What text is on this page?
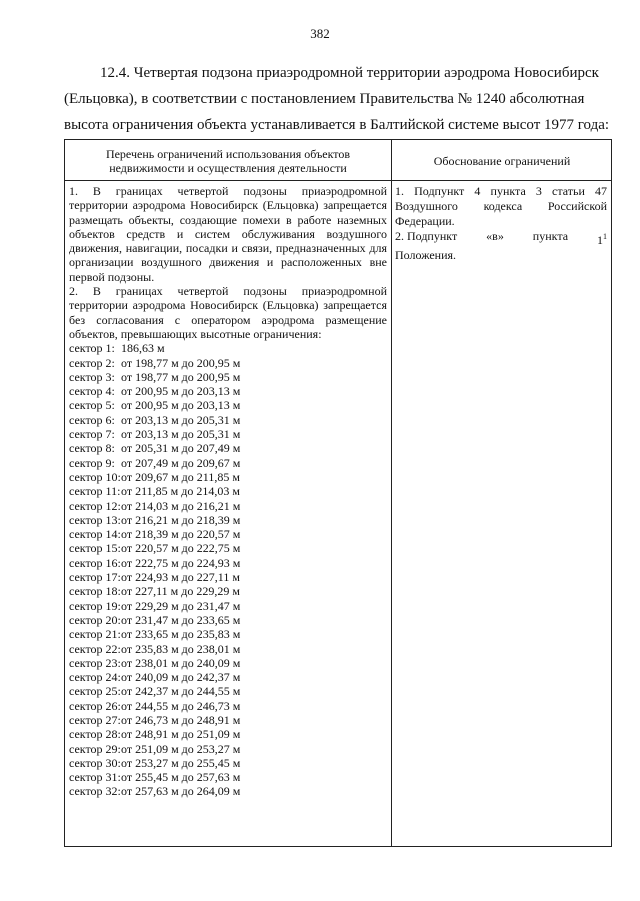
382
12.4. Четвертая подзона приаэродромной территории аэродрома Новосибирск
(Ельцовка), в соответствии с постановлением Правительства № 1240 абсолютная
высота ограничения объекта устанавливается в Балтийской системе высот 1977 года:
Перечень ограничений использования объектов недвижимости и осуществления деятельности	Обоснование ограничений
1. В границах четвертой подзоны приаэродромной территории аэродрома Новосибирск (Ельцовка) запрещается размещать объекты, создающие помехи в работе наземных объектов средств и систем обслуживания воздушного движения, навигации, посадки и связи, предназначенных для организации воздушного движения и расположенных вне первой подзоны.
2. В границах четвертой подзоны приаэродромной территории аэродрома Новосибирск (Ельцовка) запрещается без согласования с оператором аэродрома размещение объектов, превышающих высотные ограничения:
сектор 1: 186,63 м
сектор 2: от 198,77 м до 200,95 м
сектор 3: от 198,77 м до 200,95 м
сектор 4: от 200,95 м до 203,13 м
сектор 5: от 200,95 м до 203,13 м
сектор 6: от 203,13 м до 205,31 м
сектор 7: от 203,13 м до 205,31 м
сектор 8: от 205,31 м до 207,49 м
сектор 9: от 207,49 м до 209,67 м
сектор 10:от 209,67 м до 211,85 м
сектор 11:от 211,85 м до 214,03 м
сектор 12:от 214,03 м до 216,21 м
сектор 13:от 216,21 м до 218,39 м
сектор 14:от 218,39 м до 220,57 м
сектор 15:от 220,57 м до 222,75 м
сектор 16:от 222,75 м до 224,93 м
сектор 17:от 224,93 м до 227,11 м
сектор 18:от 227,11 м до 229,29 м
сектор 19:от 229,29 м до 231,47 м
сектор 20:от 231,47 м до 233,65 м
сектор 21:от 233,65 м до 235,83 м
сектор 22:от 235,83 м до 238,01 м
сектор 23:от 238,01 м до 240,09 м
сектор 24:от 240,09 м до 242,37 м
сектор 25:от 242,37 м до 244,55 м
сектор 26:от 244,55 м до 246,73 м
сектор 27:от 246,73 м до 248,91 м
сектор 28:от 248,91 м до 251,09 м
сектор 29:от 251,09 м до 253,27 м
сектор 30:от 253,27 м до 255,45 м
сектор 31:от 255,45 м до 257,63 м
сектор 32:от 257,63 м до 264,09 м
1. Подпункт 4 пункта 3 статьи 47 Воздушного кодекса Российской Федерации.
2. Подпункт «в» пункта $1^1$
Положения.
